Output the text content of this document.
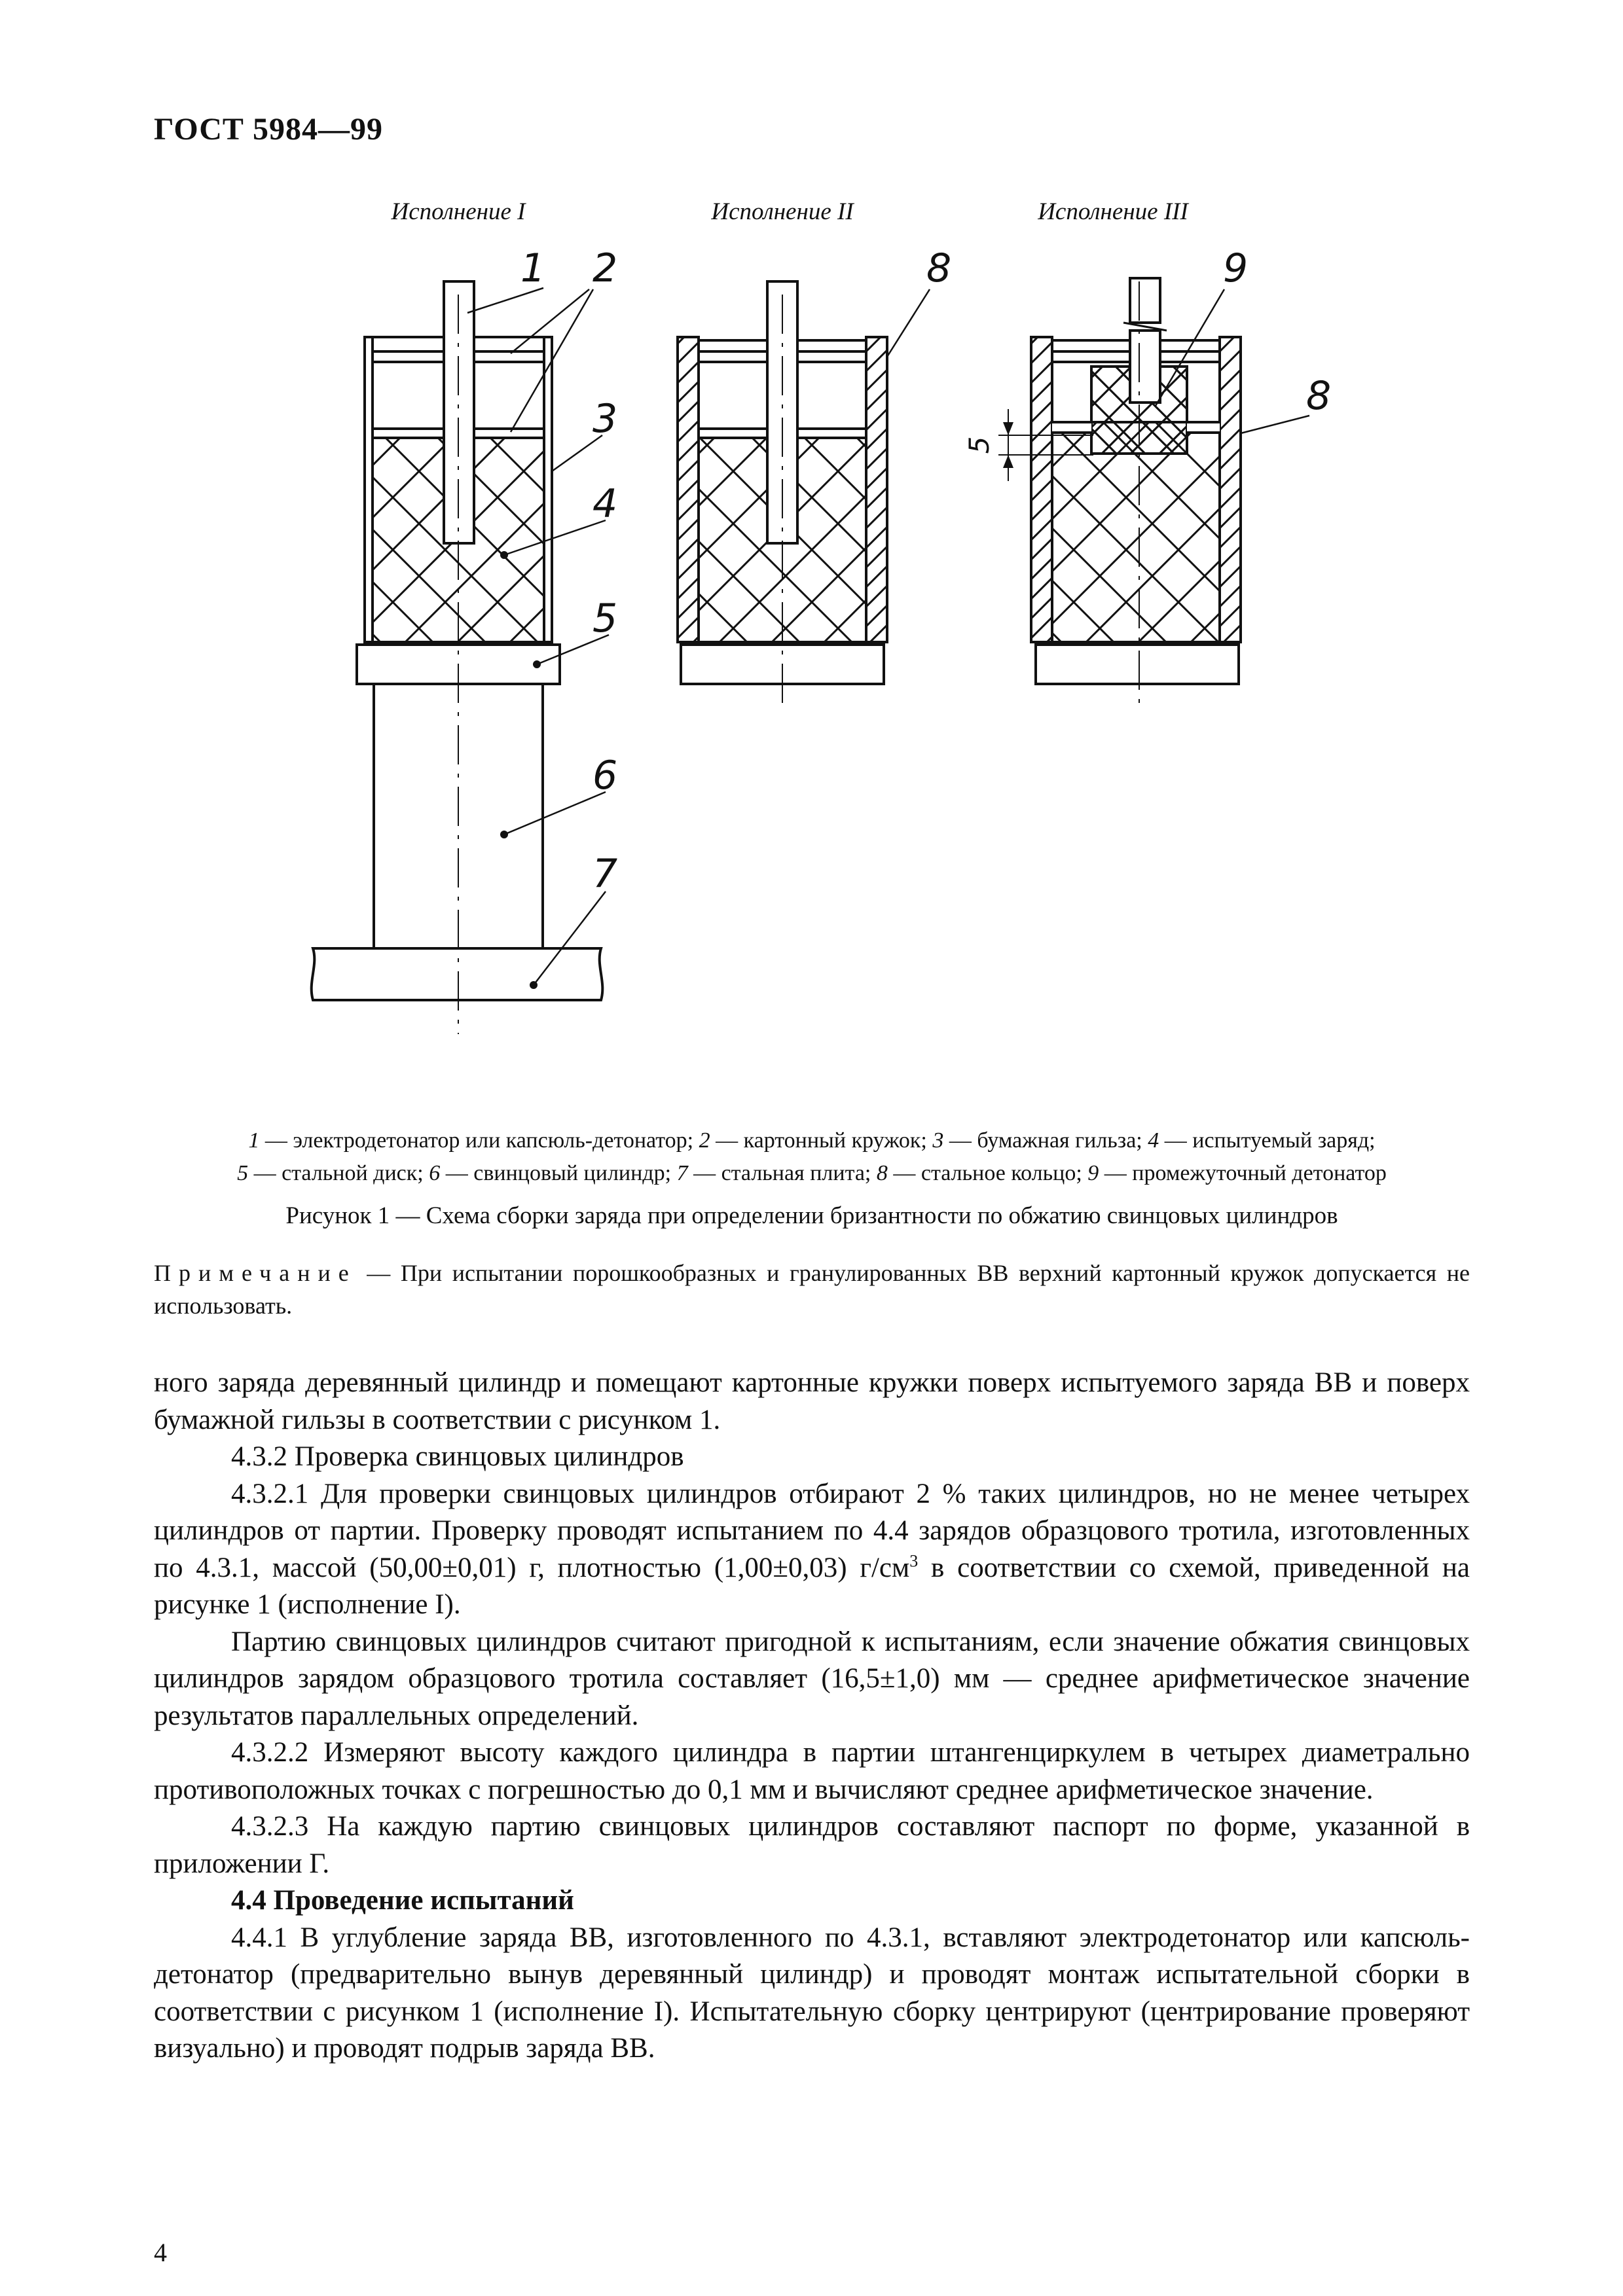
ГОСТ 5984—99
Исполнение I
1 2
3
4
5
6
7
Исполнение II
8
Исполнение III
5
9
8
1 — электродетонатор или капсюль-детонатор; 2 — картонный кружок; 3 — бумажная гильза; 4 — испытуемый заряд;
5 — стальной диск; 6 — свинцовый цилиндр; 7 — стальная плита; 8 — стальное кольцо; 9 — промежуточный детонатор
Рисунок 1 — Схема сборки заряда при определении бризантности по обжатию свинцовых цилиндров
Примечание — При испытании порошкообразных и гранулированных ВВ верхний картонный кружок допускается не использовать.

ного заряда деревянный цилиндр и помещают картонные кружки поверх испытуемого заряда ВВ и поверх бумажной гильзы в соответствии с рисунком 1.

4.3.2 Проверка свинцовых цилиндров

4.3.2.1 Для проверки свинцовых цилиндров отбирают 2 % таких цилиндров, но не менее четырех цилиндров от партии. Проверку проводят испытанием по 4.4 зарядов образцового тротила, изготовленных по 4.3.1, массой (50,00±0,01) г, плотностью (1,00±0,03) $г/см^3$ в соответствии со схемой, приведенной на рисунке 1 (исполнение I).

Партию свинцовых цилиндров считают пригодной к испытаниям, если значение обжатия свинцовых цилиндров зарядом образцового тротила составляет (16,5±1,0) мм — среднее арифметическое значение результатов параллельных определений.

4.3.2.2 Измеряют высоту каждого цилиндра в партии штангенциркулем в четырех диаметрально противоположных точках с погрешностью до 0,1 мм и вычисляют среднее арифметическое значение.

4.3.2.3 На каждую партию свинцовых цилиндров составляют паспорт по форме, указанной в приложении Г.

4.4 Проведение испытаний

4.4.1 В углубление заряда ВВ, изготовленного по 4.3.1, вставляют электродетонатор или капсюль-детонатор (предварительно вынув деревянный цилиндр) и проводят монтаж испытательной сборки в соответствии с рисунком 1 (исполнение I). Испытательную сборку центрируют (центрирование проверяют визуально) и проводят подрыв заряда ВВ.

4
